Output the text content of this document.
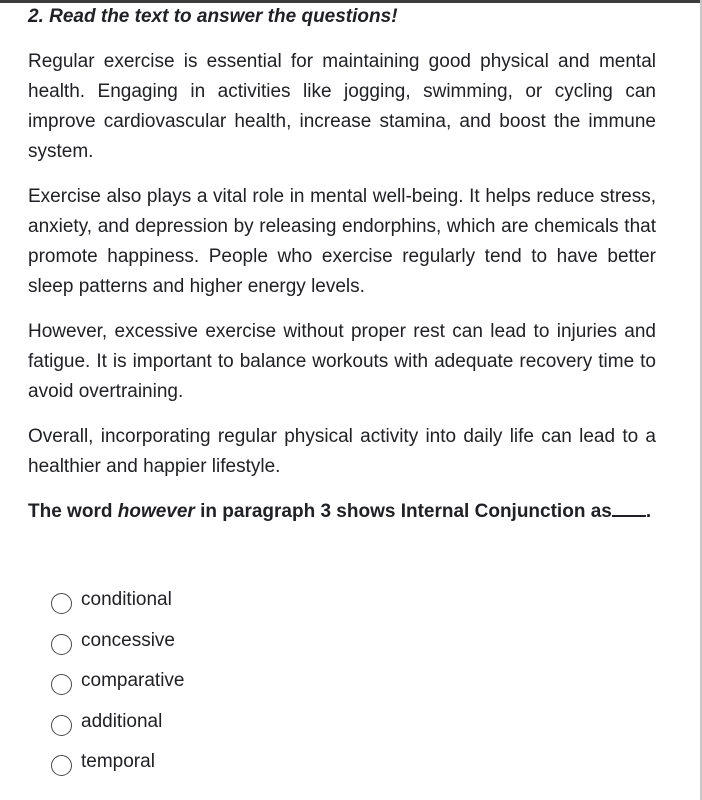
2. Read the text to answer the questions!

Regular exercise is essential for maintaining good physical and mental health. Engaging in activities like jogging, swimming, or cycling can improve cardiovascular health, increase stamina, and boost the immune system.

Exercise also plays a vital role in mental well-being. It helps reduce stress, anxiety, and depression by releasing endorphins, which are chemicals that promote happiness. People who exercise regularly tend to have better sleep patterns and higher energy levels.

However, excessive exercise without proper rest can lead to injuries and fatigue. It is important to balance workouts with adequate recovery time to avoid overtraining.

Overall, incorporating regular physical activity into daily life can lead to a healthier and happier lifestyle.

The word however in paragraph 3 shows Internal Conjunction as .
conditional
concessive
comparative
additional
temporal
